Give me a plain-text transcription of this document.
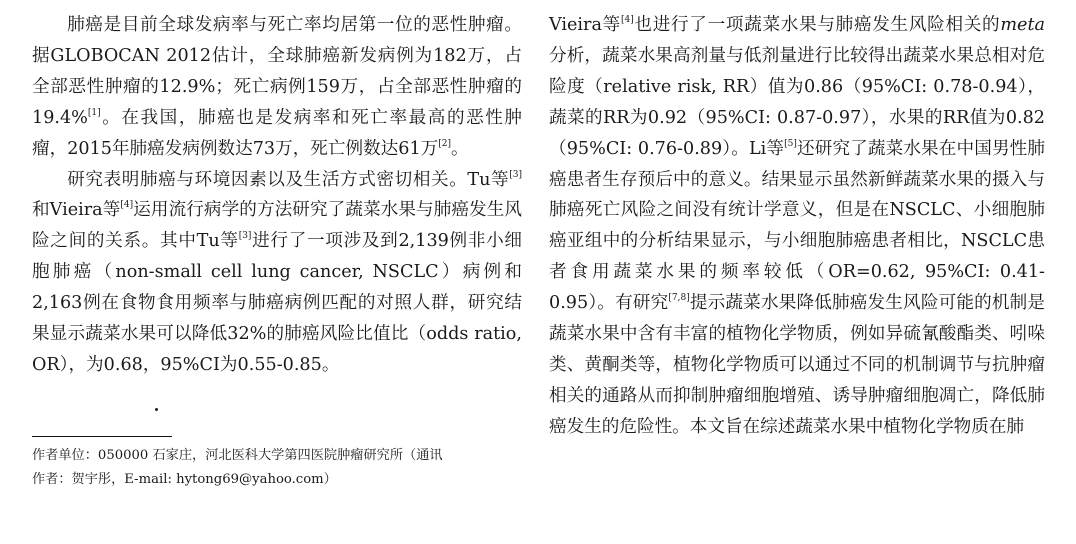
肺癌是目前全球发病率与死亡率均居第一位的恶性肿瘤。据GLOBOCAN 2012估计，全球肺癌新发病例为182万，占全部恶性肿瘤的12.9%；死亡病例159万，占全部恶性肿瘤的19.4%[1]。在我国，肺癌也是发病率和死亡率最高的恶性肿瘤，2015年肺癌发病例数达73万，死亡例数达61万[2]。

研究表明肺癌与环境因素以及生活方式密切相关。Tu等[3]和Vieira等[4]运用流行病学的方法研究了蔬菜水果与肺癌发生风险之间的关系。其中Tu等[3]进行了一项涉及到2,139例非小细胞肺癌（non-small cell lung cancer, NSCLC）病例和2,163例在食物食用频率与肺癌病例匹配的对照人群，研究结果显示蔬菜水果可以降低32%的肺癌风险比值比（odds ratio, OR），为0.68，95%CI为0.55-0.85。

作者单位：050000 石家庄，河北医科大学第四医院肿瘤研究所（通讯
作者：贺宇彤，E-mail: hytong69@yahoo.com）

Vieira等[4]也进行了一项蔬菜水果与肺癌发生风险相关的meta分析，蔬菜水果高剂量与低剂量进行比较得出蔬菜水果总相对危险度（relative risk, RR）值为0.86（95%CI: 0.78-0.94），蔬菜的RR为0.92（95%CI: 0.87-0.97），水果的RR值为0.82（95%CI: 0.76-0.89）。Li等[5]还研究了蔬菜水果在中国男性肺癌患者生存预后中的意义。结果显示虽然新鲜蔬菜水果的摄入与肺癌死亡风险之间没有统计学意义，但是在NSCLC、小细胞肺癌亚组中的分析结果显示，与小细胞肺癌患者相比，NSCLC患者食用蔬菜水果的频率较低（OR=0.62, 95%CI: 0.41-0.95）。有研究[7,8]提示蔬菜水果降低肺癌发生风险可能的机制是蔬菜水果中含有丰富的植物化学物质，例如异硫氰酸酯类、吲哚类、黄酮类等，植物化学物质可以通过不同的机制调节与抗肿瘤相关的通路从而抑制肿瘤细胞增殖、诱导肿瘤细胞凋亡，降低肺癌发生的危险性。本文旨在综述蔬菜水果中植物化学物质在肺
